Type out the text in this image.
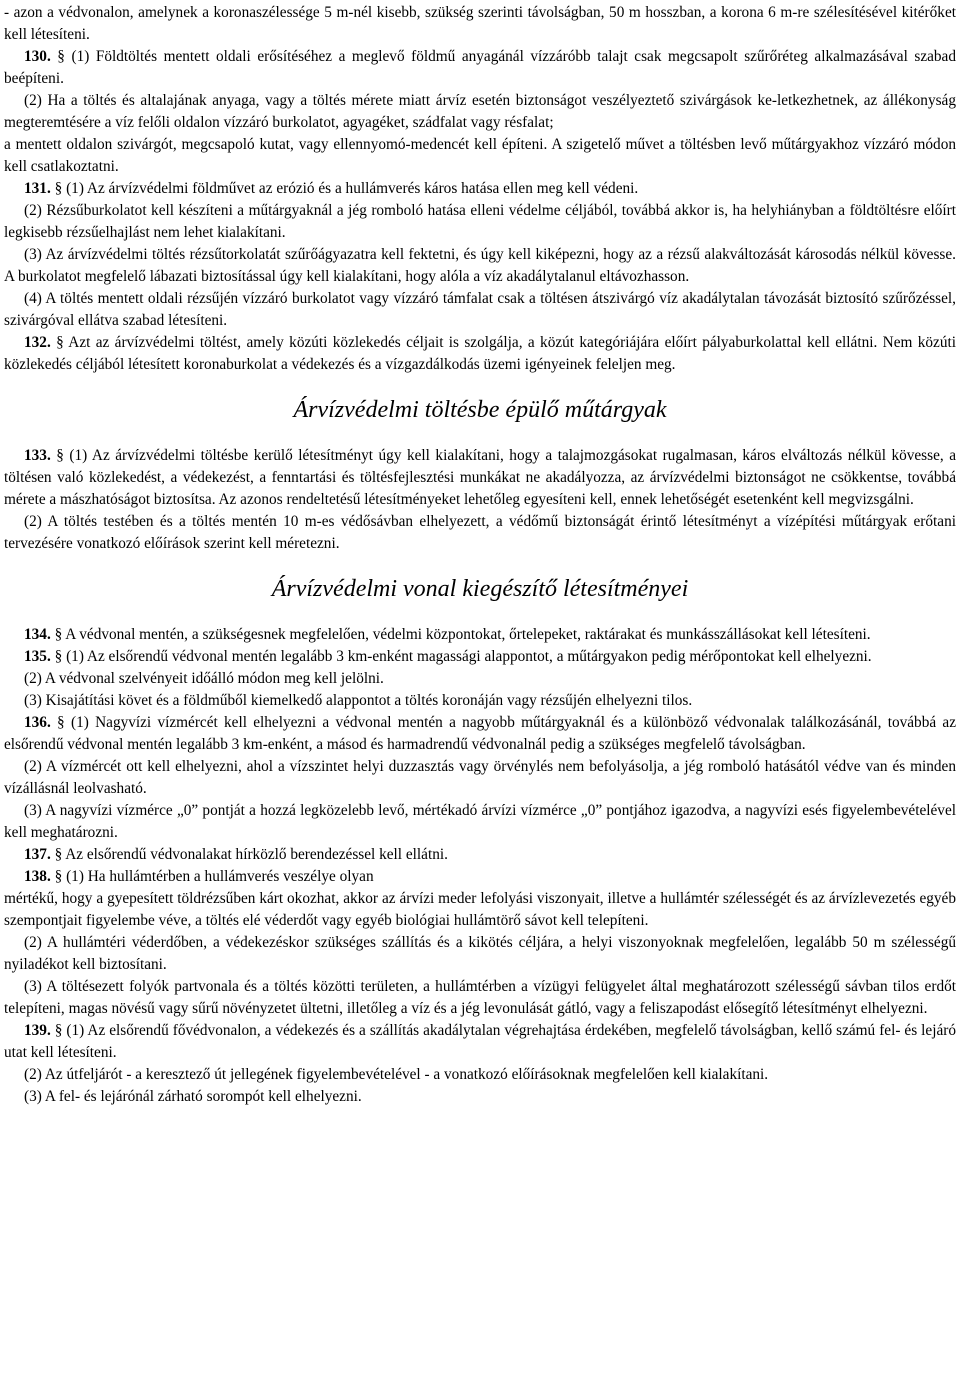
- azon a védvonalon, amelynek a koronaszélessége 5 m-nél kisebb, szükség szerinti távolságban, 50 m hosszban, a korona 6 m-re szélesítésével kitérőket kell létesíteni.

130. § (1) Földtöltés mentett oldali erősítéséhez a meglevő földmű anyagánál vízzáróbb talajt csak megcsapolt szűrőréteg alkalmazásával szabad beépíteni.

(2) Ha a töltés és altalajának anyaga, vagy a töltés mérete miatt árvíz esetén biztonságot veszélyeztető szivárgások ke-letkezhetnek, az állékonyság megteremtésére a víz felőli oldalon vízzáró burkolatot, agyagéket, szádfalat vagy résfalat;

a mentett oldalon szivárgót, megcsapoló kutat, vagy ellennyomó-medencét kell építeni. A szigetelő művet a töltésben levő műtárgyakhoz vízzáró módon kell csatlakoztatni.

131. § (1) Az árvízvédelmi földművet az erózió és a hullámverés káros hatása ellen meg kell védeni.

(2) Rézsűburkolatot kell készíteni a műtárgyaknál a jég romboló hatása elleni védelme céljából, továbbá akkor is, ha helyhiányban a földtöltésre előírt legkisebb rézsűelhajlást nem lehet kialakítani.

(3) Az árvízvédelmi töltés rézsűtorkolatát szűrőágyazatra kell fektetni, és úgy kell kiképezni, hogy az a rézsű alakváltozását károsodás nélkül kövesse. A burkolatot megfelelő lábazati biztosítással úgy kell kialakítani, hogy alóla a víz akadálytalanul eltávozhasson.

(4) A töltés mentett oldali rézsűjén vízzáró burkolatot vagy vízzáró támfalat csak a töltésen átszivárgó víz akadálytalan távozását biztosító szűrőzéssel, szivárgóval ellátva szabad létesíteni.

132. § Azt az árvízvédelmi töltést, amely közúti közlekedés céljait is szolgálja, a közút kategóriájára előírt pályaburkolattal kell ellátni. Nem közúti közlekedés céljából létesített koronaburkolat a védekezés és a vízgazdálkodás üzemi igényeinek feleljen meg.

Árvízvédelmi töltésbe épülő műtárgyak

133. § (1) Az árvízvédelmi töltésbe kerülő létesítményt úgy kell kialakítani, hogy a talajmozgásokat rugalmasan, káros elváltozás nélkül kövesse, a töltésen való közlekedést, a védekezést, a fenntartási és töltésfejlesztési munkákat ne akadályozza, az árvízvédelmi biztonságot ne csökkentse, továbbá mérete a mászhatóságot biztosítsa. Az azonos rendeltetésű létesítményeket lehetőleg egyesíteni kell, ennek lehetőségét esetenként kell megvizsgálni.

(2) A töltés testében és a töltés mentén 10 m-es védősávban elhelyezett, a védőmű biztonságát érintő létesítményt a vízépítési műtárgyak erőtani tervezésére vonatkozó előírások szerint kell méretezni.

Árvízvédelmi vonal kiegészítő létesítményei

134. § A védvonal mentén, a szükségesnek megfelelően, védelmi központokat, őrtelepeket, raktárakat és munkásszállásokat kell létesíteni.

135. § (1) Az elsőrendű védvonal mentén legalább 3 km-enként magassági alappontot, a műtárgyakon pedig mérőpontokat kell elhelyezni.

(2) A védvonal szelvényeit időálló módon meg kell jelölni.

(3) Kisajátítási követ és a földműből kiemelkedő alappontot a töltés koronáján vagy rézsűjén elhelyezni tilos.

136. § (1) Nagyvízi vízmércét kell elhelyezni a védvonal mentén a nagyobb műtárgyaknál és a különböző védvonalak találkozásánál, továbbá az elsőrendű védvonal mentén legalább 3 km-enként, a másod és harmadrendű védvonalnál pedig a szükséges megfelelő távolságban.

(2) A vízmércét ott kell elhelyezni, ahol a vízszintet helyi duzzasztás vagy örvénylés nem befolyásolja, a jég romboló hatásától védve van és minden vízállásnál leolvasható.

(3) A nagyvízi vízmérce „0” pontját a hozzá legközelebb levő, mértékadó árvízi vízmérce „0” pontjához igazodva, a nagyvízi esés figyelembevételével kell meghatározni.

137. § Az elsőrendű védvonalakat hírközlő berendezéssel kell ellátni.

138. § (1) Ha hullámtérben a hullámverés veszélye olyan

mértékű, hogy a gyepesített töldrézsűben kárt okozhat, akkor az árvízi meder lefolyási viszonyait, illetve a hullámtér szélességét és az árvízlevezetés egyéb szempontjait figyelembe véve, a töltés elé véderdőt vagy egyéb biológiai hullámtörő sávot kell telepíteni.

(2) A hullámtéri véderdőben, a védekezéskor szükséges szállítás és a kikötés céljára, a helyi viszonyoknak megfelelően, legalább 50 m szélességű nyiladékot kell biztosítani.

(3) A töltésezett folyók partvonala és a töltés közötti területen, a hullámtérben a vízügyi felügyelet által meghatározott szélességű sávban tilos erdőt telepíteni, magas növésű vagy sűrű növényzetet ültetni, illetőleg a víz és a jég levonulását gátló, vagy a feliszapodást elősegítő létesítményt elhelyezni.

139. § (1) Az elsőrendű fővédvonalon, a védekezés és a szállítás akadálytalan végrehajtása érdekében, megfelelő távolságban, kellő számú fel- és lejáró utat kell létesíteni.

(2) Az útfeljárót - a keresztező út jellegének figyelembevételével - a vonatkozó előírásoknak megfelelően kell kialakítani.

(3) A fel- és lejárónál zárható sorompót kell elhelyezni.
